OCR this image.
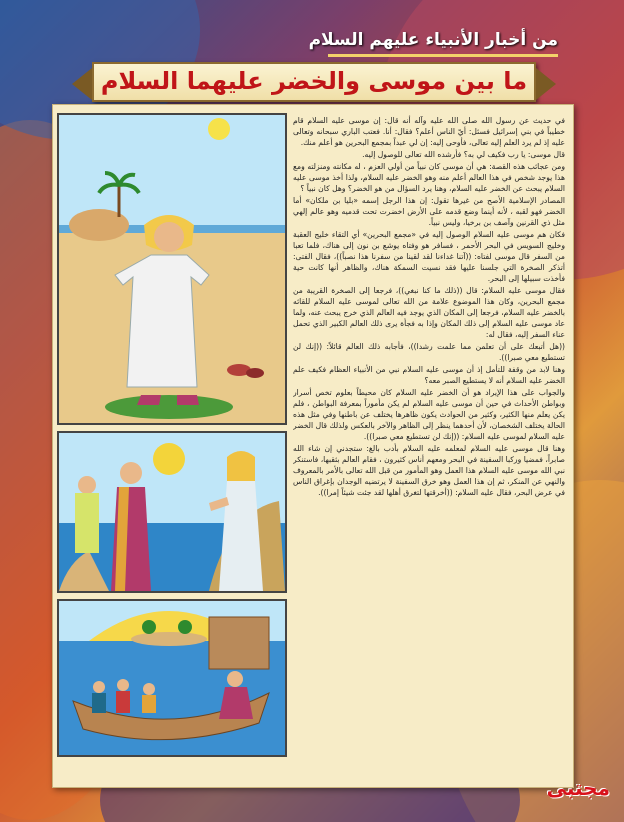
من أخبار الأنبياء عليهم السلام
ما بين موسى والخضر عليهما السلام

في حديث عن رسول الله صلى الله عليه وآله أنه قال: إن موسى عليه السلام قام خطيباً في بني إسرائيل فسئل: أيّ الناس أعلم؟ فقال: أنا. فعتب الباري سبحانه وتعالى عليه إذ لم يرد العلم إليه تعالى، فأوحى إليه: إن لي عبداً بمجمع البحرين هو أعلم منك.

قال موسى: يا رب فكيف لي به؟ فأرشده الله تعالى للوصول إليه.

ومن عجائب هذه القصة: هي أن موسى كان نبياً من أولي العزم ، له مكانته ومنزلته ومع هذا يوجد شخص في هذا العالم أعلم منه وهو الخضر عليه السلام، ولذا أخذ موسى عليه السلام يبحث عن الخضر عليه السلام، وهنا يرد السؤال من هو الخضر؟ وهل كان نبياً ؟

المصادر الإسلامية الأصح من غيرها تقول: إن هذا الرجل إسمه «بليا بن ملكان» أما الخضر فهو لقبه ، لأنه أينما وضع قدمه على الأرض اخضرت تحت قدميه وهو عالم إلهي مثل ذي القرنين وآصف بن برخيا، وليس نبياً.

فكان هم موسى عليه السلام الوصول إليه في «مجمع البحرين» أي التقاء خليج العقبة وخليج السويس في البحر الأحمر ، فسافر هو وفتاه يوشع بن نون إلى هناك، فلما تعبا من السفر قال موسى لفتاه: ((آتنا غداءنا لقد لقينا من سفرنا هذا نصباً))، فقال الفتى: أتذكر الصخرة التي جلسنا عليها فقد نسيت السمكة هناك، والظاهر أنها كانت حية فأخذت سبيلها إلى البحر.

فقال موسى عليه السلام: قال ((ذلك ما كنا نبغي))، فرجعا إلى الصخرة القريبة من مجمع البحرين، وكان هذا الموضوع علامة من الله تعالى لموسى عليه السلام للقائه بالخضر عليه السلام، فرجعا إلى المكان الذي يوجد فيه العالم الذي خرج يبحث عنه، ولما عاد موسى عليه السلام إلى ذلك المكان وإذا به فجأة يرى ذلك العالم الكبير الذي تحمل عناء السفر إليه، فقال له:

((هل أتبعك على أن تعلمن مما علمت رشدا))، فأجابه ذلك العالم قائلاً: ((إنك لن تستطيع معي صبرا)).

وهنا لابد من وقفة للتأمل إذ أن موسى عليه السلام نبي من الأنبياء العظام فكيف علم الخضر عليه السلام أنه لا يستطيع الصبر معه؟

والجواب على هذا الإيراد هو أن الخضر عليه السلام كان محيطاً بعلوم تخص أسرار وبواطن الأحداث في حين أن موسى عليه السلام لم يكن مأموراً بمعرفة البواطن ، فلم يكن يعلم منها الكثير، وكثير من الحوادث يكون ظاهرها يختلف عن باطنها وفي مثل هذه الحالة يختلف الشخصان، لأن أحدهما ينظر إلى الظاهر والآخر بالعكس ولذلك قال الخضر عليه السلام لموسى عليه السلام: ((إنك لن تستطيع معي صبرا)).

وهنا قال موسى عليه السلام لمعلمه عليه السلام بأدب بالغ: ستجدني إن شاء الله صابراً، فمضيا وركبا السفينة في البحر ومعهم أناس كثيرون ، فقام العالم بثقبها، فاستنكر نبي الله موسى عليه السلام هذا العمل وهو المأمور من قبل الله تعالى بالأمر بالمعروف والنهي عن المنكر، ثم إن هذا العمل وهو خرق السفينة لا يرتضيه الوجدان بإغراق الناس في عرض البحر، فقال عليه السلام: ((أخرقتها لتغرق أهلها لقد جئت شيئاً إمرا)).

مجتبى
